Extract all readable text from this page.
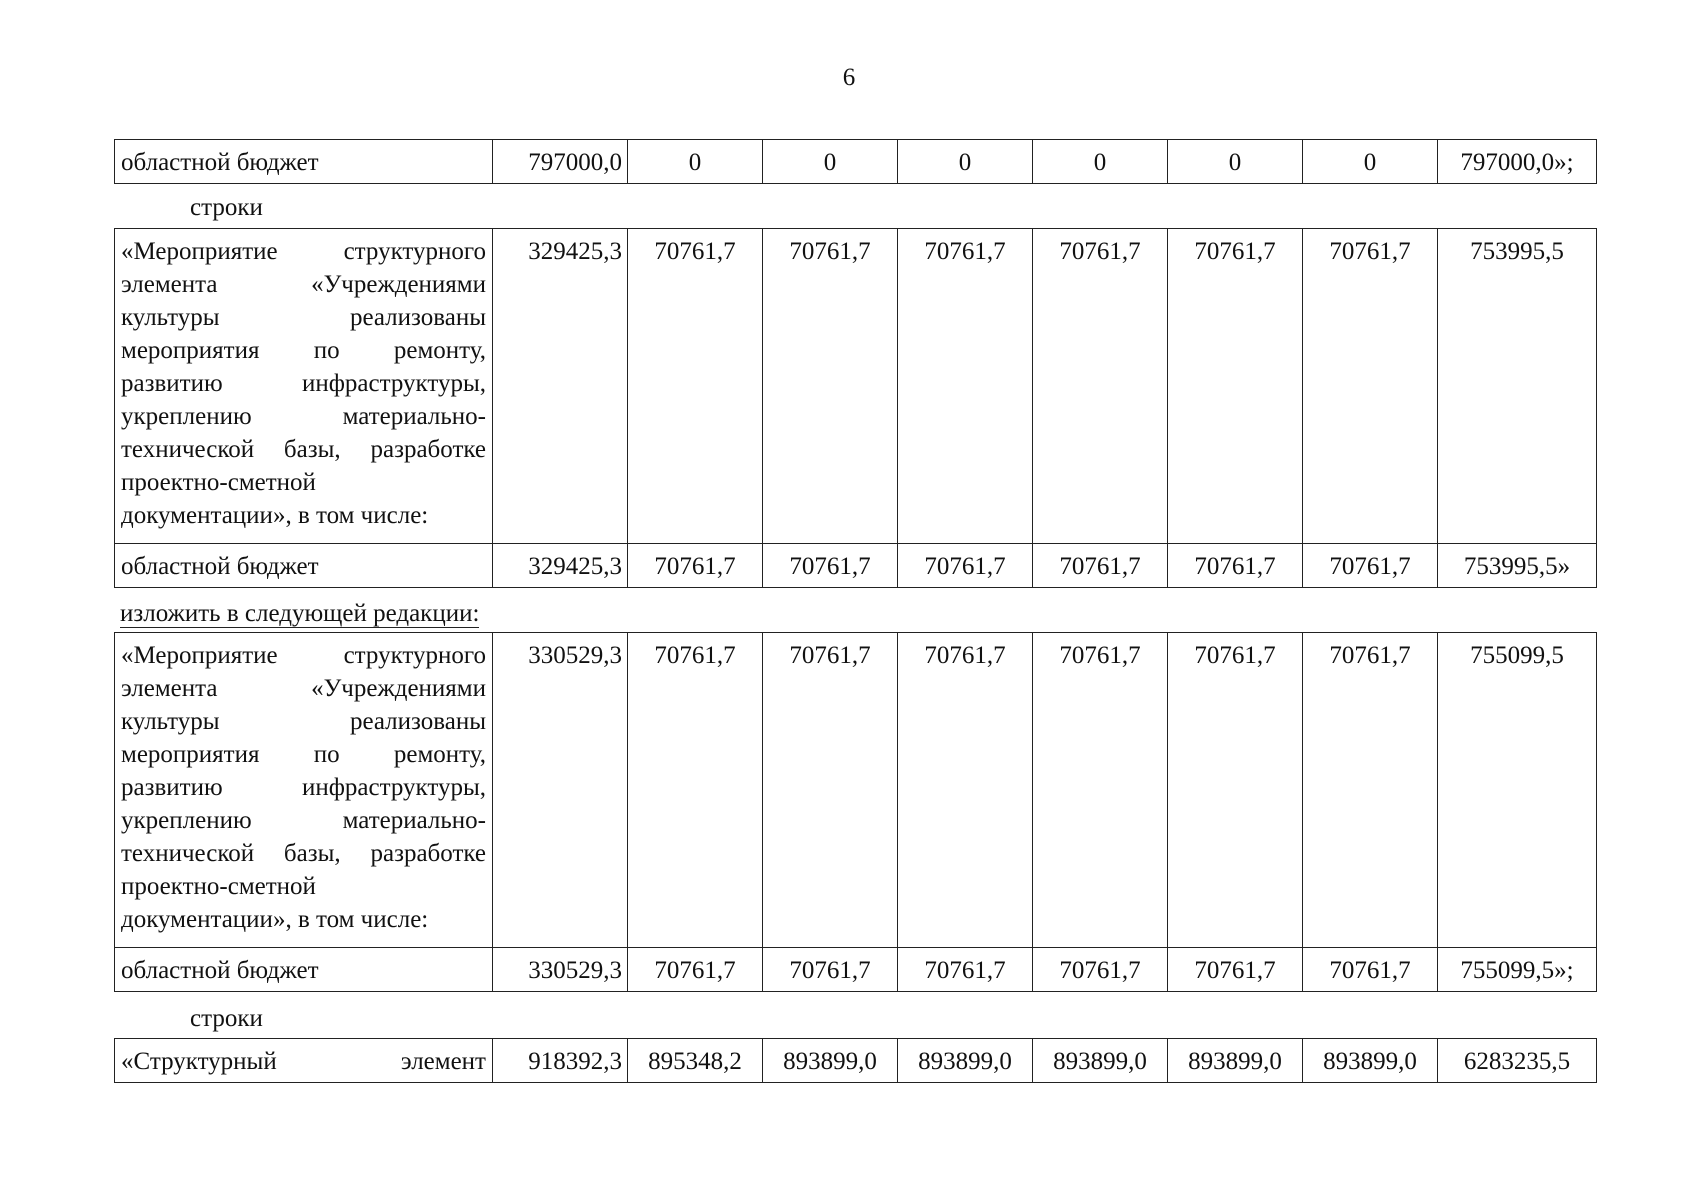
6
областной бюджет	797000,0	0	0	0	0	0	0	797000,0»;
строки
«Мероприятие структурного элемента «Учреждениями культуры реализованы мероприятия по ремонту, развитию инфраструктуры, укреплению материально-технической базы, разработке проектно-сметной документации», в том числе:	329425,3	70761,7	70761,7	70761,7	70761,7	70761,7	70761,7	753995,5
областной бюджет	329425,3	70761,7	70761,7	70761,7	70761,7	70761,7	70761,7	753995,5»
изложить в следующей редакции:
«Мероприятие структурного элемента «Учреждениями культуры реализованы мероприятия по ремонту, развитию инфраструктуры, укреплению материально-технической базы, разработке проектно-сметной документации», в том числе:	330529,3	70761,7	70761,7	70761,7	70761,7	70761,7	70761,7	755099,5
областной бюджет	330529,3	70761,7	70761,7	70761,7	70761,7	70761,7	70761,7	755099,5»;
строки
«Структурный элемент	918392,3	895348,2	893899,0	893899,0	893899,0	893899,0	893899,0	6283235,5
